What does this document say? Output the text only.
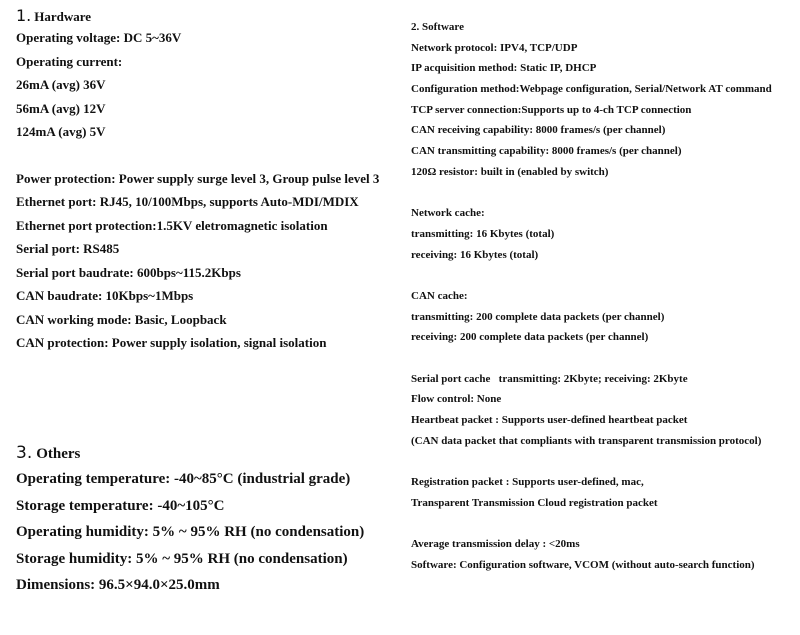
1. Hardware
Operating voltage: DC 5~36V
Operating current:
26mA (avg) 36V
56mA (avg) 12V
124mA (avg) 5V
Power protection: Power supply surge level 3, Group pulse level 3
Ethernet port: RJ45, 10/100Mbps, supports Auto-MDI/MDIX
Ethernet port protection:1.5KV eletromagnetic isolation
Serial port: RS485
Serial port baudrate: 600bps~115.2Kbps
CAN baudrate: 10Kbps~1Mbps
CAN working mode: Basic, Loopback
CAN protection: Power supply isolation, signal isolation
3. Others
Operating temperature: -40~85°C (industrial grade)
Storage temperature: -40~105°C
Operating humidity: 5% ~ 95% RH (no condensation)
Storage humidity: 5% ~ 95% RH (no condensation)
Dimensions: 96.5×94.0×25.0mm
2. Software
Network protocol: IPV4, TCP/UDP
IP acquisition method: Static IP, DHCP
Configuration method:Webpage configuration, Serial/Network AT command
TCP server connection:Supports up to 4-ch TCP connection
CAN receiving capability: 8000 frames/s (per channel)
CAN transmitting capability: 8000 frames/s (per channel)
120Ω resistor: built in (enabled by switch)
Network cache:
transmitting: 16 Kbytes (total)
receiving: 16 Kbytes (total)
CAN cache:
transmitting: 200 complete data packets (per channel)
receiving: 200 complete data packets (per channel)
Serial port cache   transmitting: 2Kbyte; receiving: 2Kbyte
Flow control: None
Heartbeat packet : Supports user-defined heartbeat packet
(CAN data packet that compliants with transparent transmission protocol)
Registration packet : Supports user-defined, mac,
Transparent Transmission Cloud registration packet
Average transmission delay : <20ms
Software: Configuration software, VCOM (without auto-search function)
